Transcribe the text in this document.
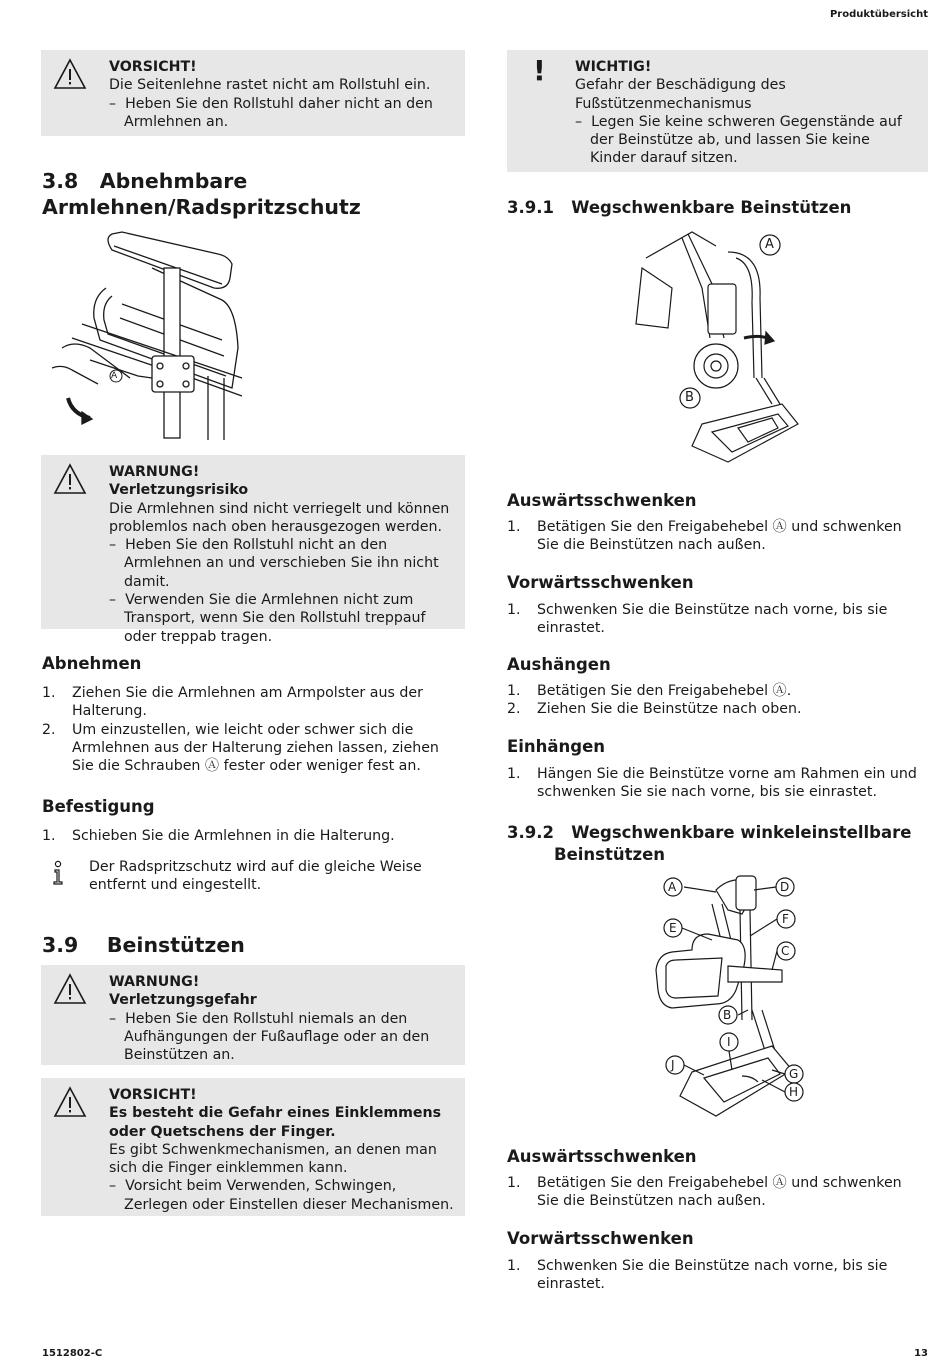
Produktübersicht
1512802-C	13
VORSICHT!
Die Seitenlehne rastet nicht am Rollstuhl ein.
–  Heben Sie den Rollstuhl daher nicht an den Armlehnen an.
3.8 Abnehmbare
Armlehnen/Radspritzschutz
A
WARNUNG!
Verletzungsrisiko
Die Armlehnen sind nicht verriegelt und können problemlos nach oben herausgezogen werden.
–  Heben Sie den Rollstuhl nicht an den Armlehnen an und verschieben Sie ihn nicht damit.
–  Verwenden Sie die Armlehnen nicht zum Transport, wenn Sie den Rollstuhl treppauf oder treppab tragen.
Abnehmen
1. Ziehen Sie die Armlehnen am Armpolster aus der Halterung.
2. Um einzustellen, wie leicht oder schwer sich die Armlehnen aus der Halterung ziehen lassen, ziehen Sie die Schrauben Ⓐ fester oder weniger fest an.
Befestigung
1. Schieben Sie die Armlehnen in die Halterung.
Der Radspritzschutz wird auf die gleiche Weise entfernt und eingestellt.
3.9 Beinstützen
WARNUNG!
Verletzungsgefahr
–  Heben Sie den Rollstuhl niemals an den Aufhängungen der Fußauflage oder an den Beinstützen an.
VORSICHT!
Es besteht die Gefahr eines Einklemmens oder Quetschens der Finger.
Es gibt Schwenkmechanismen, an denen man sich die Finger einklemmen kann.
–  Vorsicht beim Verwenden, Schwingen, Zerlegen oder Einstellen dieser Mechanismen.
! WICHTIG!
Gefahr der Beschädigung des Fußstützenmechanismus
–  Legen Sie keine schweren Gegenstände auf der Beinstütze ab, und lassen Sie keine Kinder darauf sitzen.
3.9.1 Wegschwenkbare Beinstützen
A
B
Auswärtsschwenken
1. Betätigen Sie den Freigabehebel Ⓐ und schwenken Sie die Beinstützen nach außen.
Vorwärtsschwenken
1. Schwenken Sie die Beinstütze nach vorne, bis sie einrastet.
Aushängen
1. Betätigen Sie den Freigabehebel Ⓐ.
2. Ziehen Sie die Beinstütze nach oben.
Einhängen
1. Hängen Sie die Beinstütze vorne am Rahmen ein und schwenken Sie sie nach vorne, bis sie einrastet.
3.9.2 Wegschwenkbare winkeleinstellbare
Beinstützen
A	D
E
F
C
B
I
J
G
H
Auswärtsschwenken
1. Betätigen Sie den Freigabehebel Ⓐ und schwenken Sie die Beinstützen nach außen.
Vorwärtsschwenken
1. Schwenken Sie die Beinstütze nach vorne, bis sie einrastet.
